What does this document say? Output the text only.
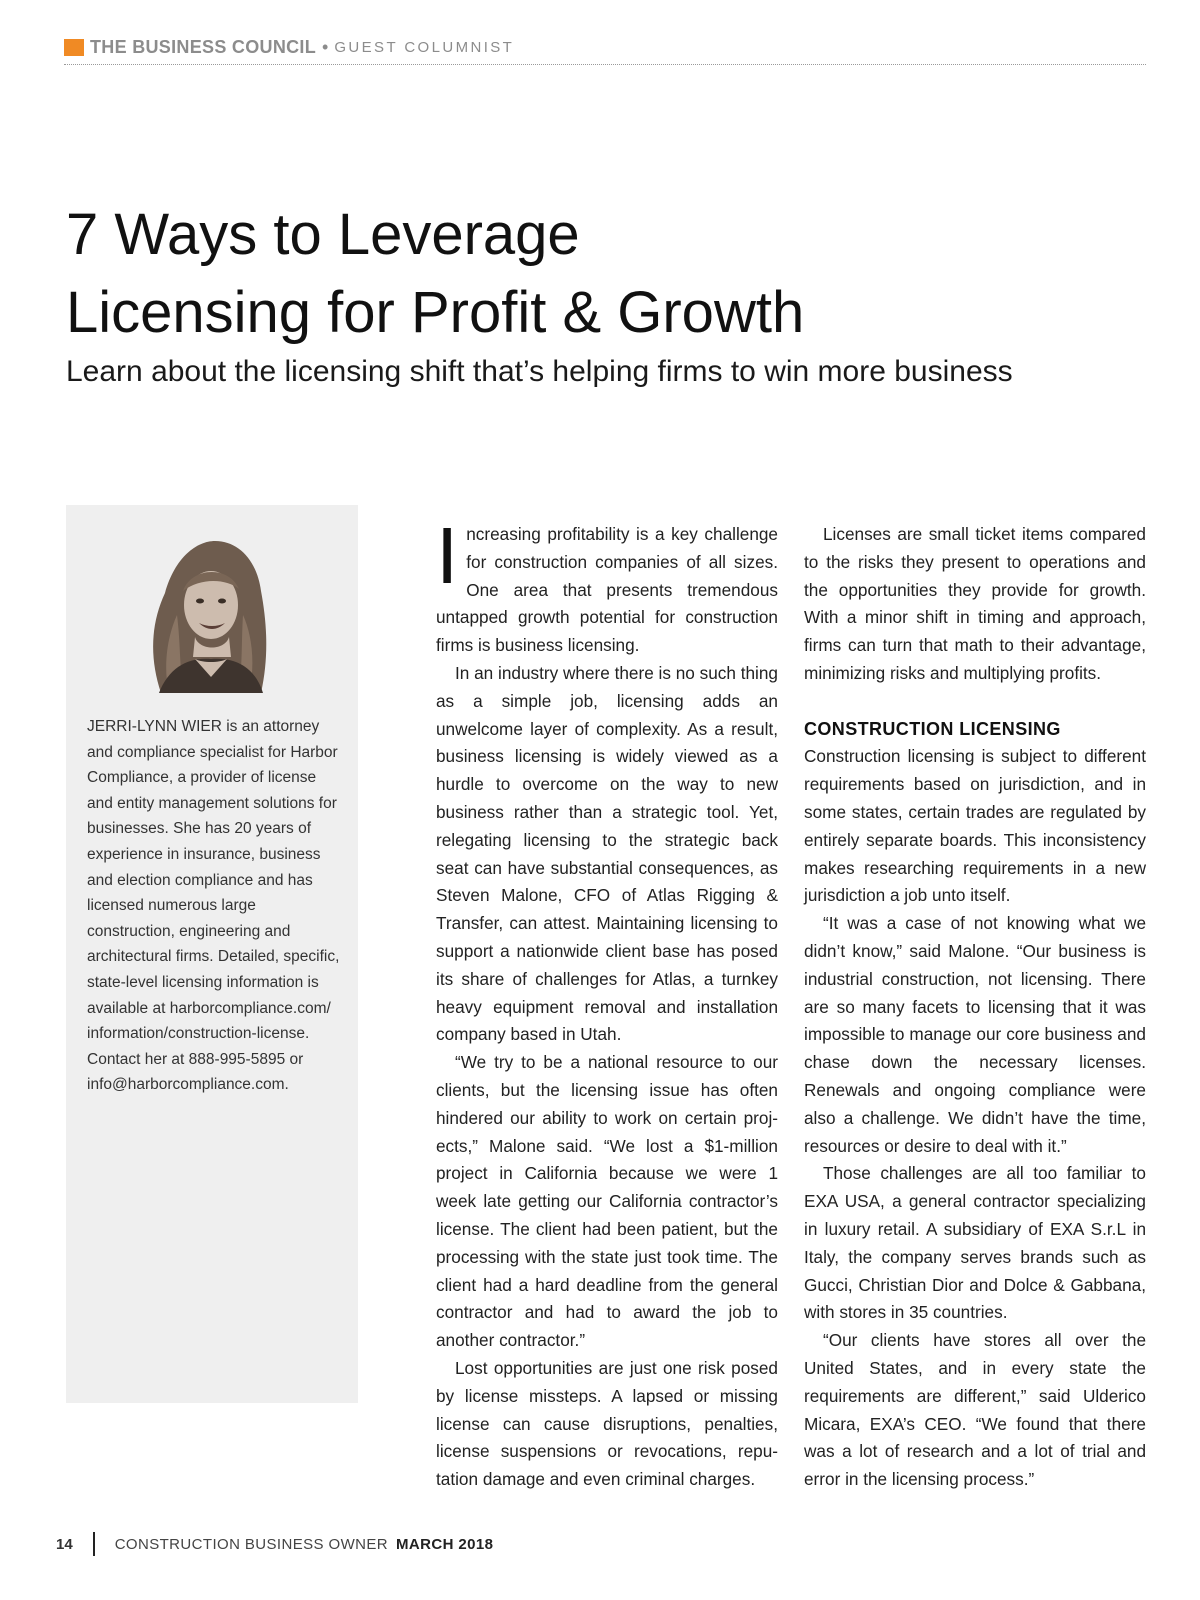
THE BUSINESS COUNCIL • GUEST COLUMNIST
7 Ways to Leverage
Licensing for Profit & Growth
Learn about the licensing shift that’s helping firms to win more business

JERRI-LYNN WIER is an attorney and compliance specialist for Harbor Compliance, a provider of license and entity management solutions for businesses. She has 20 years of experience in insurance, business and election compliance and has licensed numerous large construction, engineering and architectural firms. Detailed, specific, state-level licensing information is available at harborcompliance.com/ information/construction-license. Contact her at 888-995-5895 or info@harborcompliance.com.

Increasing profitability is a key challenge for construction companies of all sizes. One area that presents tremendous untapped growth potential for construction firms is business licensing.

In an industry where there is no such thing as a simple job, licensing adds an unwelcome layer of complexity. As a result, business licensing is widely viewed as a hurdle to overcome on the way to new business rather than a strategic tool. Yet, relegating licensing to the strategic back seat can have substantial consequences, as Steven Malone, CFO of Atlas Rigging & Transfer, can attest. Maintaining licensing to support a nationwide client base has posed its share of challenges for Atlas, a turnkey heavy equipment removal and installation company based in Utah.

“We try to be a national resource to our clients, but the licensing issue has often hindered our ability to work on certain projects,” Malone said. “We lost a $1-million project in California because we were 1 week late getting our California contractor’s license. The client had been patient, but the processing with the state just took time. The client had a hard deadline from the general contractor and had to award the job to another contractor.”

Lost opportunities are just one risk posed by license missteps. A lapsed or missing license can cause disruptions, penalties, license suspensions or revocations, reputation damage and even criminal charges.

Licenses are small ticket items compared to the risks they present to operations and the opportunities they provide for growth. With a minor shift in timing and approach, firms can turn that math to their advantage, minimizing risks and multiplying profits.

CONSTRUCTION LICENSING

Construction licensing is subject to different requirements based on jurisdiction, and in some states, certain trades are regulated by entirely separate boards. This inconsistency makes researching requirements in a new jurisdiction a job unto itself.

“It was a case of not knowing what we didn’t know,” said Malone. “Our business is industrial construction, not licensing. There are so many facets to licensing that it was impossible to manage our core business and chase down the necessary licenses. Renewals and ongoing compliance were also a challenge. We didn’t have the time, resources or desire to deal with it.”

Those challenges are all too familiar to EXA USA, a general contractor specializing in luxury retail. A subsidiary of EXA S.r.L in Italy, the company serves brands such as Gucci, Christian Dior and Dolce & Gabbana, with stores in 35 countries.

“Our clients have stores all over the United States, and in every state the requirements are different,” said Ulderico Micara, EXA’s CEO. “We found that there was a lot of research and a lot of trial and error in the licensing process.”

14	CONSTRUCTION BUSINESS OWNER MARCH 2018
